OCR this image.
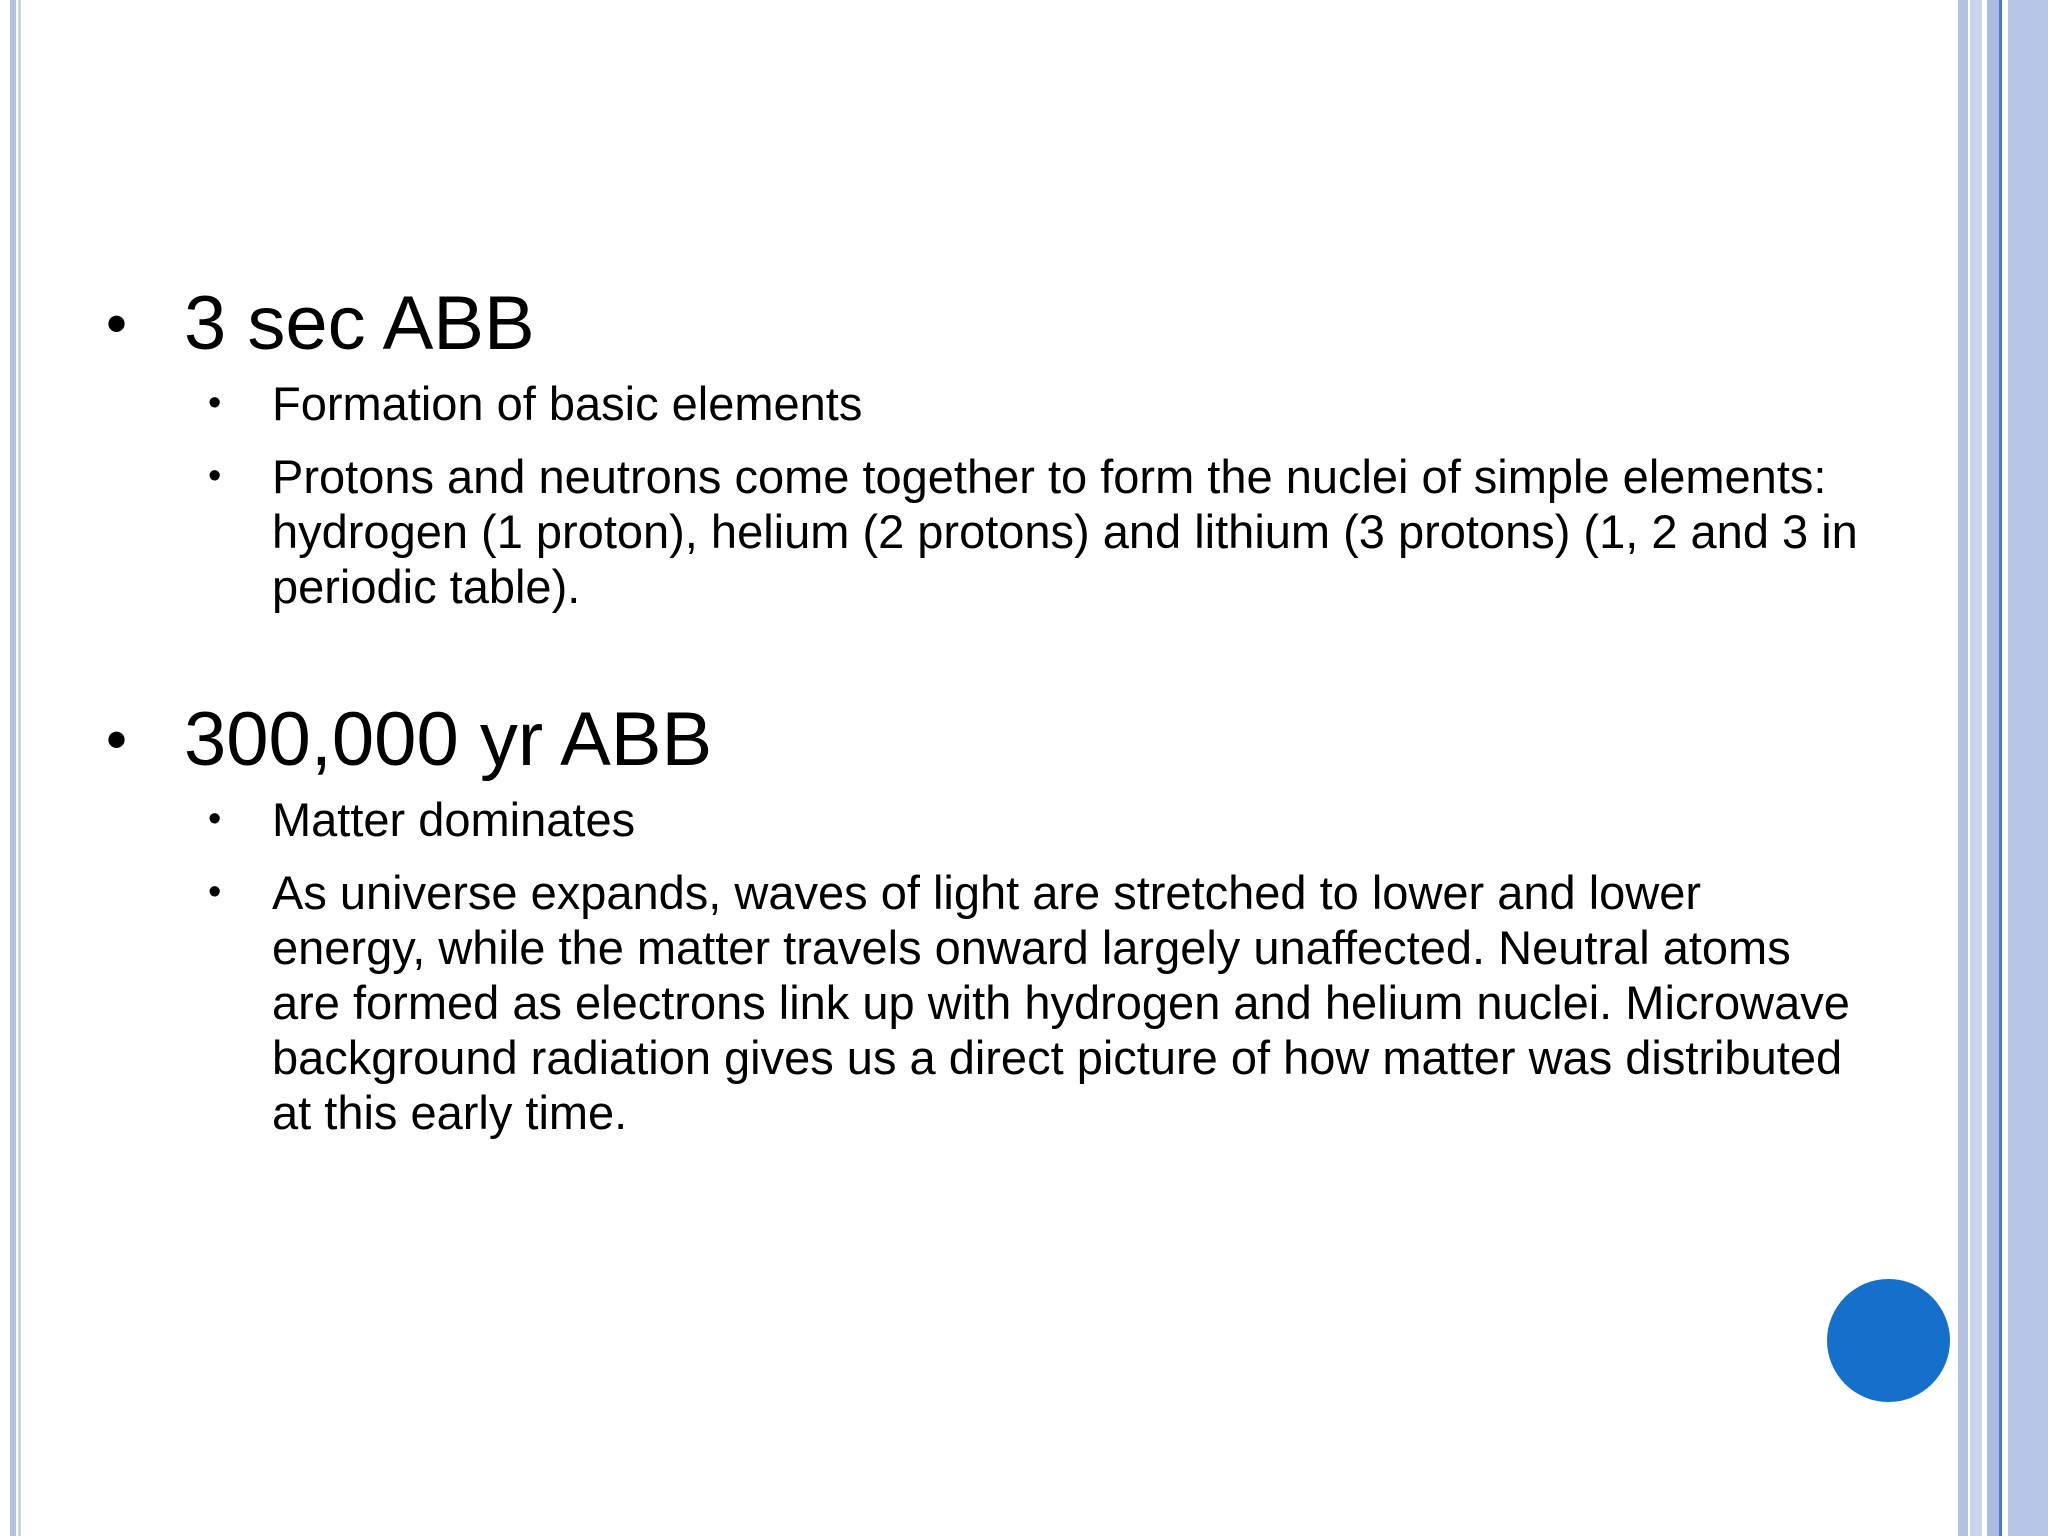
• 3 sec ABB

• Formation of basic elements

• Protons and neutrons come together to form the nuclei of simple elements: hydrogen (1 proton), helium (2 protons) and lithium (3 protons) (1, 2 and 3 in periodic table).

• 300,000 yr ABB

• Matter dominates

• As universe expands, waves of light are stretched to lower and lower energy, while the matter travels onward largely unaffected. Neutral atoms are formed as electrons link up with hydrogen and helium nuclei. Microwave background radiation gives us a direct picture of how matter was distributed at this early time.
